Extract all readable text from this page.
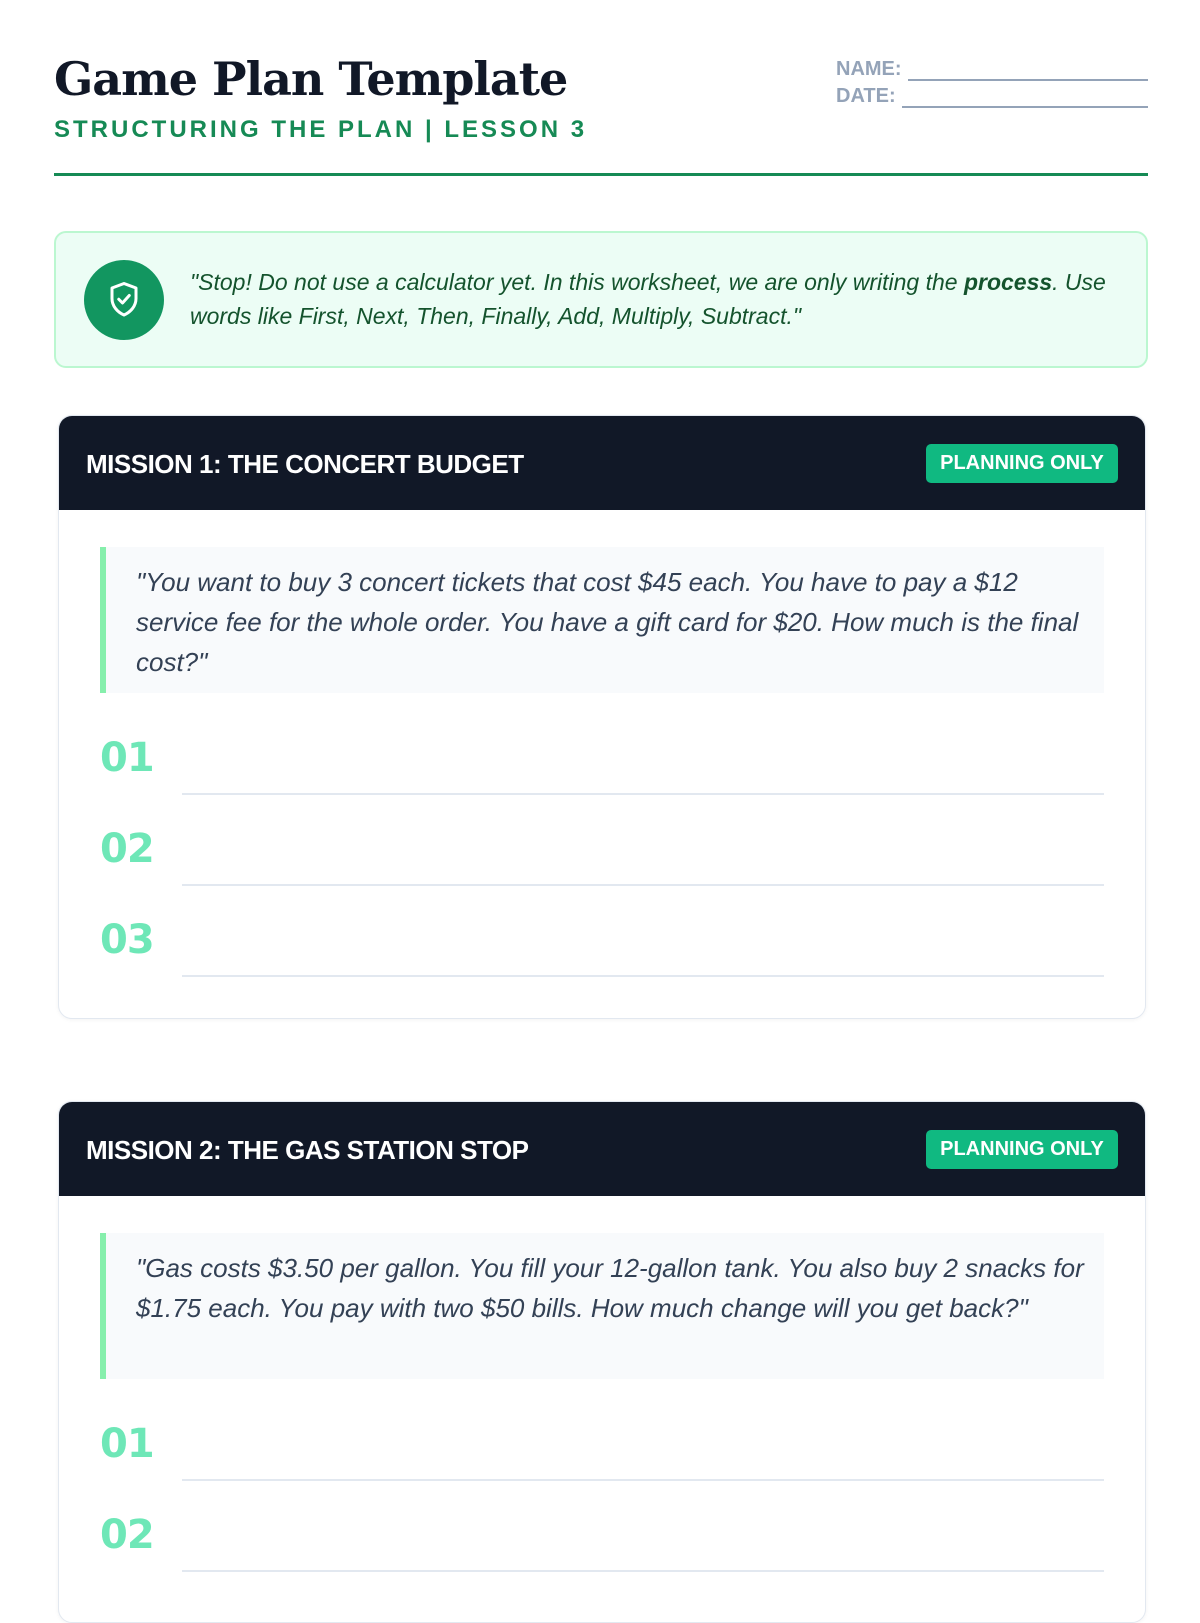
Game Plan Template
STRUCTURING THE PLAN | LESSON 3
NAME:
DATE:
"Stop! Do not use a calculator yet. In this worksheet, we are only writing the process. Use words like First, Next, Then, Finally, Add, Multiply, Subtract."
MISSION 1: THE CONCERT BUDGET	PLANNING ONLY
"You want to buy 3 concert tickets that cost $45 each. You have to pay a $12 service fee for the whole order. You have a gift card for $20. How much is the final cost?"
01
02
03
MISSION 2: THE GAS STATION STOP	PLANNING ONLY
"Gas costs $3.50 per gallon. You fill your 12-gallon tank. You also buy 2 snacks for $1.75 each. You pay with two $50 bills. How much change will you get back?"
01
02
